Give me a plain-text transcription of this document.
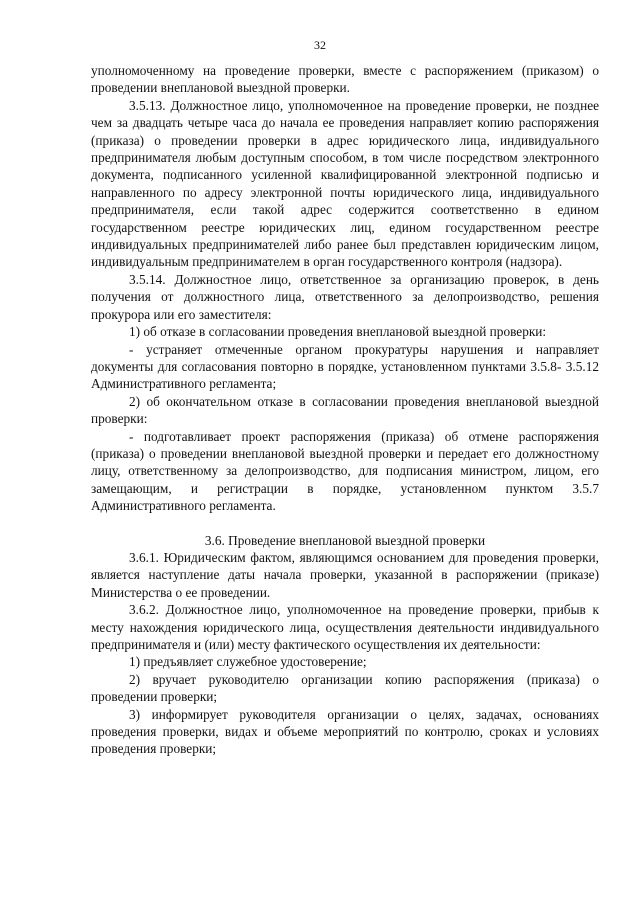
32

уполномоченному на проведение проверки, вместе с распоряжением (приказом) о проведении внеплановой выездной проверки.

3.5.13. Должностное лицо, уполномоченное на проведение проверки, не позднее чем за двадцать четыре часа до начала ее проведения направляет копию распоряжения (приказа) о проведении проверки в адрес юридического лица, индивидуального предпринимателя любым доступным способом, в том числе посредством электронного документа, подписанного усиленной квалифицированной электронной подписью и направленного по адресу электронной почты юридического лица, индивидуального предпринимателя, если такой адрес содержится соответственно в едином государственном реестре юридических лиц, едином государственном реестре индивидуальных предпринимателей либо ранее был представлен юридическим лицом, индивидуальным предпринимателем в орган государственного контроля (надзора).

3.5.14. Должностное лицо, ответственное за организацию проверок, в день получения от должностного лица, ответственного за делопроизводство, решения прокурора или его заместителя:

1) об отказе в согласовании проведения внеплановой выездной проверки:

- устраняет отмеченные органом прокуратуры нарушения и направляет документы для согласования повторно в порядке, установленном пунктами 3.5.8- 3.5.12 Административного регламента;

2) об окончательном отказе в согласовании проведения внеплановой выездной проверки:

- подготавливает проект распоряжения (приказа) об отмене распоряжения (приказа) о проведении внеплановой выездной проверки и передает его должностному лицу, ответственному за делопроизводство, для подписания министром, лицом, его замещающим, и регистрации в порядке, установленном пунктом 3.5.7 Административного регламента.

3.6. Проведение внеплановой выездной проверки

3.6.1. Юридическим фактом, являющимся основанием для проведения проверки, является наступление даты начала проверки, указанной в распоряжении (приказе) Министерства о ее проведении.

3.6.2. Должностное лицо, уполномоченное на проведение проверки, прибыв к месту нахождения юридического лица, осуществления деятельности индивидуального предпринимателя и (или) месту фактического осуществления их деятельности:

1) предъявляет служебное удостоверение;

2) вручает руководителю организации копию распоряжения (приказа) о проведении проверки;

3) информирует руководителя организации о целях, задачах, основаниях проведения проверки, видах и объеме мероприятий по контролю, сроках и условиях проведения проверки;
